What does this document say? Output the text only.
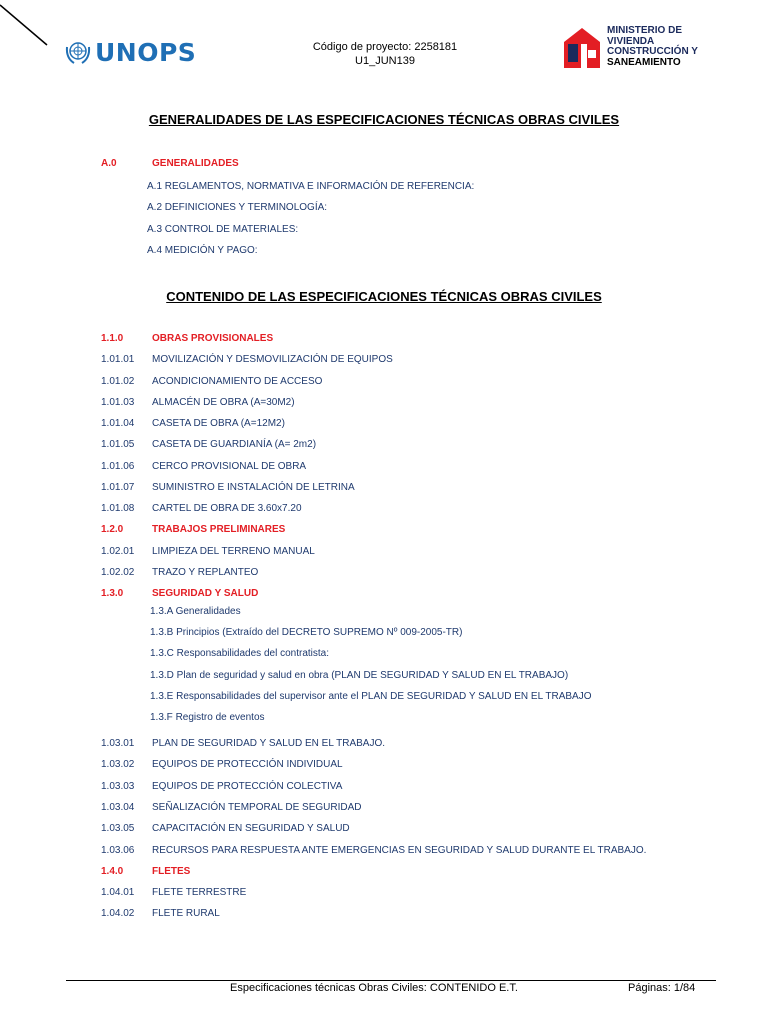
UNOPS	Código de proyecto: 2258181
U1_JUN139
MINISTERIO DE
VIVIENDA
CONSTRUCCIÓN Y
SANEAMIENTO
GENERALIDADES DE LAS ESPECIFICACIONES TÉCNICAS OBRAS CIVILES
A.0	GENERALIDADES
A.1 REGLAMENTOS, NORMATIVA E INFORMACIÓN DE REFERENCIA:
A.2 DEFINICIONES Y TERMINOLOGÍA:
A.3 CONTROL DE MATERIALES:
A.4 MEDICIÓN Y PAGO:
CONTENIDO DE LAS ESPECIFICACIONES TÉCNICAS OBRAS CIVILES
1.1.0	OBRAS PROVISIONALES
1.01.01 MOVILIZACIÓN Y DESMOVILIZACIÓN DE EQUIPOS
1.01.02 ACONDICIONAMIENTO DE ACCESO
1.01.03 ALMACÉN DE OBRA (A=30M2)
1.01.04 CASETA DE OBRA (A=12M2)
1.01.05 CASETA DE GUARDIANÍA (A= 2m2)
1.01.06 CERCO PROVISIONAL DE OBRA
1.01.07 SUMINISTRO E INSTALACIÓN DE LETRINA
1.01.08 CARTEL DE OBRA DE 3.60x7.20
1.2.0	TRABAJOS PRELIMINARES
1.02.01 LIMPIEZA DEL TERRENO MANUAL
1.02.02 TRAZO Y REPLANTEO
1.3.0	SEGURIDAD Y SALUD
1.3.A Generalidades
1.3.B Principios (Extraído del DECRETO SUPREMO Nº 009-2005-TR)
1.3.C Responsabilidades del contratista:
1.3.D Plan de seguridad y salud en obra (PLAN DE SEGURIDAD Y SALUD EN EL TRABAJO)
1.3.E Responsabilidades del supervisor ante el PLAN DE SEGURIDAD Y SALUD EN EL TRABAJO
1.3.F Registro de eventos
1.03.01 PLAN DE SEGURIDAD Y SALUD EN EL TRABAJO.
1.03.02 EQUIPOS DE PROTECCIÓN INDIVIDUAL
1.03.03 EQUIPOS DE PROTECCIÓN COLECTIVA
1.03.04 SEÑALIZACIÓN TEMPORAL DE SEGURIDAD
1.03.05 CAPACITACIÓN EN SEGURIDAD Y SALUD
1.03.06 RECURSOS PARA RESPUESTA ANTE EMERGENCIAS EN SEGURIDAD Y SALUD DURANTE EL TRABAJO.
1.4.0	FLETES
1.04.01 FLETE TERRESTRE
1.04.02 FLETE RURAL
Especificaciones técnicas Obras Civiles: CONTENIDO E.T.	Páginas: 1/84
